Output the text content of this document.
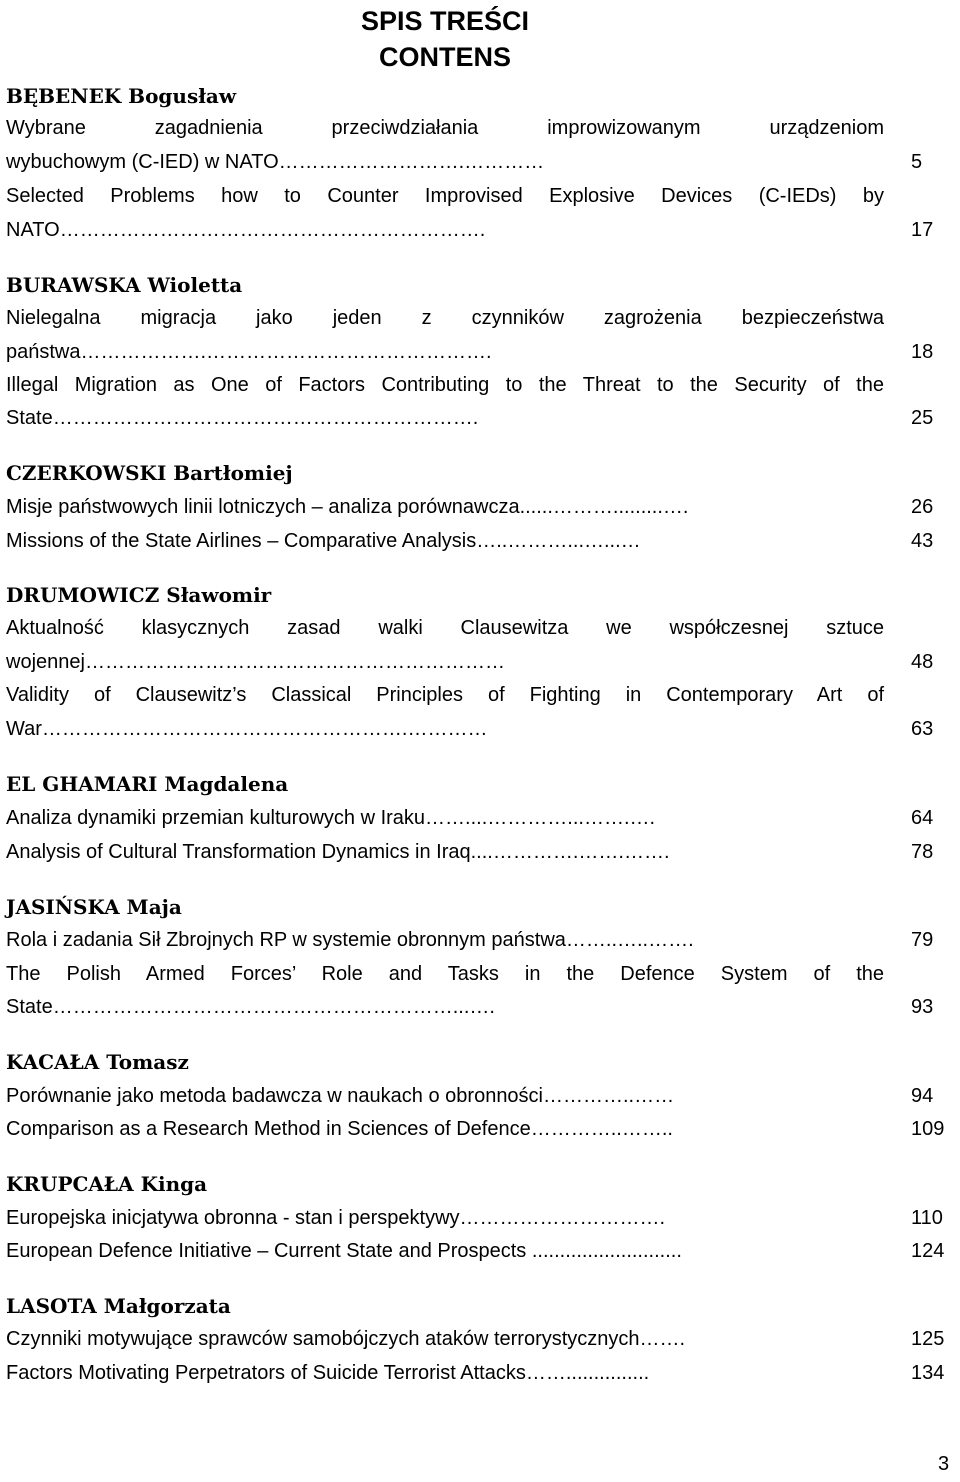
SPIS TREŚCI
CONTENS
BĘBENEK Bogusław
Wybrane zagadnienia przeciwdziałania improwizowanym urządzeniom
wybuchowym (C-IED) w NATO……………………….…………	5
Selected Problems how to Counter Improvised Explosive Devices (C-IEDs) by
NATO……………………………………………………….	17
BURAWSKA Wioletta
Nielegalna migracja jako jeden z czynników zagrożenia bezpieczeństwa
państwa……………….…………………………………….	18
Illegal Migration as One of Factors Contributing to the Threat to the Security of the
State……………………………………………………….	25
CZERKOWSKI Bartłomiej
Misje państwowych linii lotniczych – analiza porównawcza......……….........….	26
Missions of the State Airlines – Comparative Analysis…..………...…...…	43
DRUMOWICZ Sławomir
Aktualność klasycznych zasad walki Clausewitza we współczesnej sztuce
wojennej………………………………………………………	48
Validity of Clausewitz’s Classical Principles of Fighting in Contemporary Art of
War……………………………………………….…………	63
EL GHAMARI Magdalena
Analiza dynamiki przemian kulturowych w Iraku……....…………...…….….	64
Analysis of Cultural Transformation Dynamics in Iraq....………….…….…….	78
JASIŃSKA Maja
Rola i zadania Sił Zbrojnych RP w systemie obronnym państwa……..…..…….	79
The Polish Armed Forces’ Role and Tasks in the Defence System of the
State……………………………………………………...….	93
KACAŁA Tomasz
Porównanie jako metoda badawcza w naukach o obronności…………..……	94
Comparison as a Research Method in Sciences of Defence…………..……..	109
KRUPCAŁA Kinga
Europejska inicjatywa obronna - stan i perspektywy………………………….	110
European Defence Initiative – Current State and Prospects ...........................	124
LASOTA Małgorzata
Czynniki motywujące sprawców samobójczych ataków terrorystycznych…….	125
Factors Motivating Perpetrators of Suicide Terrorist Attacks……...............	134
3
